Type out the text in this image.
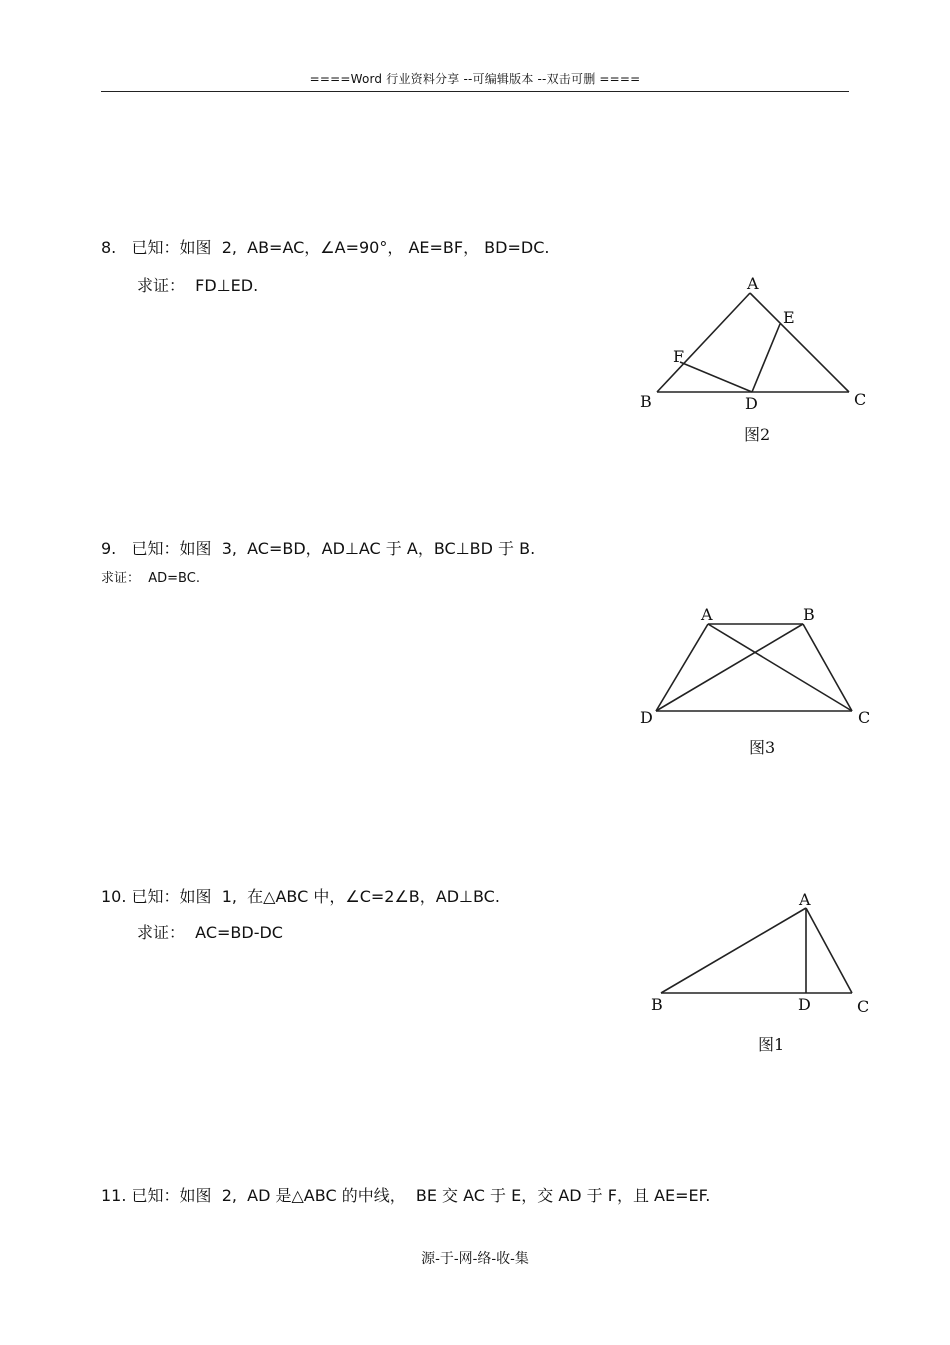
====Word 行业资料分享 --可编辑版本 --双击可删 ====
8.   已知：如图  2,  AB=AC，∠A=90°， AE=BF， BD=DC.
求证：  FD⊥ED.	A
E
F
B	D	C
图2
9.   已知：如图  3,  AC=BD，AD⊥AC 于 A，BC⊥BD 于 B.
求证：  AD=BC.
A	B
D	C
图3
10. 已知：如图  1,  在△ABC 中，∠C=2∠B，AD⊥BC.
求证：  AC=BD-DC
A
B	D	C
图1
11. 已知：如图  2,  AD 是△ABC 的中线，  BE 交 AC 于 E，交 AD 于 F，且 AE=EF.
源-于-网-络-收-集
